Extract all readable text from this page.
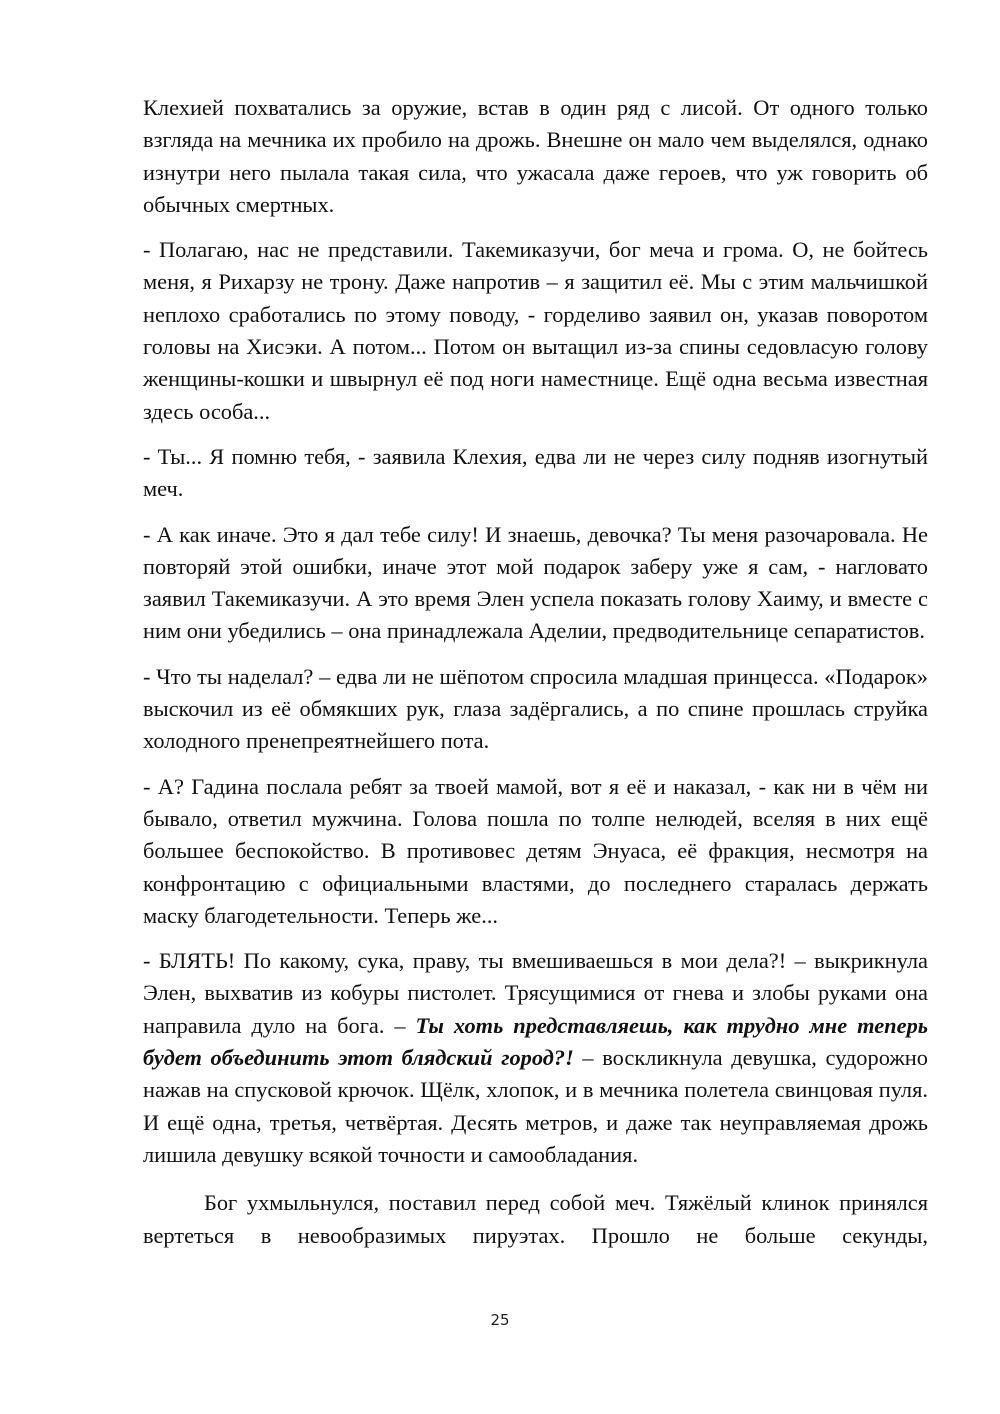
Клехией похватались за оружие, встав в один ряд с лисой. От одного только взгляда на мечника их пробило на дрожь. Внешне он мало чем выделялся, однако изнутри него пылала такая сила, что ужасала даже героев, что уж говорить об обычных смертных.

- Полагаю, нас не представили. Такемиказучи, бог меча и грома. О, не бойтесь меня, я Рихарзу не трону. Даже напротив – я защитил её. Мы с этим мальчишкой неплохо сработались по этому поводу, - горделиво заявил он, указав поворотом головы на Хисэки. А потом... Потом он вытащил из-за спины седовласую голову женщины-кошки и швырнул её под ноги наместнице. Ещё одна весьма известная здесь особа...

- Ты... Я помню тебя, - заявила Клехия, едва ли не через силу подняв изогнутый меч.

- А как иначе. Это я дал тебе силу! И знаешь, девочка? Ты меня разочаровала. Не повторяй этой ошибки, иначе этот мой подарок заберу уже я сам, - нагловато заявил Такемиказучи. А это время Элен успела показать голову Хаиму, и вместе с ним они убедились – она принадлежала Аделии, предводительнице сепаратистов.

- Что ты наделал? – едва ли не шёпотом спросила младшая принцесса. «Подарок» выскочил из её обмякших рук, глаза задёргались, а по спине прошлась струйка холодного пренепреятнейшего пота.

- А? Гадина послала ребят за твоей мамой, вот я её и наказал, - как ни в чём ни бывало, ответил мужчина. Голова пошла по толпе нелюдей, вселяя в них ещё большее беспокойство. В противовес детям Энуаса, её фракция, несмотря на конфронтацию с официальными властями, до последнего старалась держать маску благодетельности. Теперь же...

- БЛЯТЬ! По какому, сука, праву, ты вмешиваешься в мои дела?! – выкрикнула Элен, выхватив из кобуры пистолет. Трясущимися от гнева и злобы руками она направила дуло на бога. – Ты хоть представляешь, как трудно мне теперь будет объединить этот блядский город?! – воскликнула девушка, судорожно нажав на спусковой крючок. Щёлк, хлопок, и в мечника полетела свинцовая пуля. И ещё одна, третья, четвёртая. Десять метров, и даже так неуправляемая дрожь лишила девушку всякой точности и самообладания.

Бог ухмыльнулся, поставил перед собой меч. Тяжёлый клинок принялся вертеться в невообразимых пируэтах. Прошло не больше секунды,

25
